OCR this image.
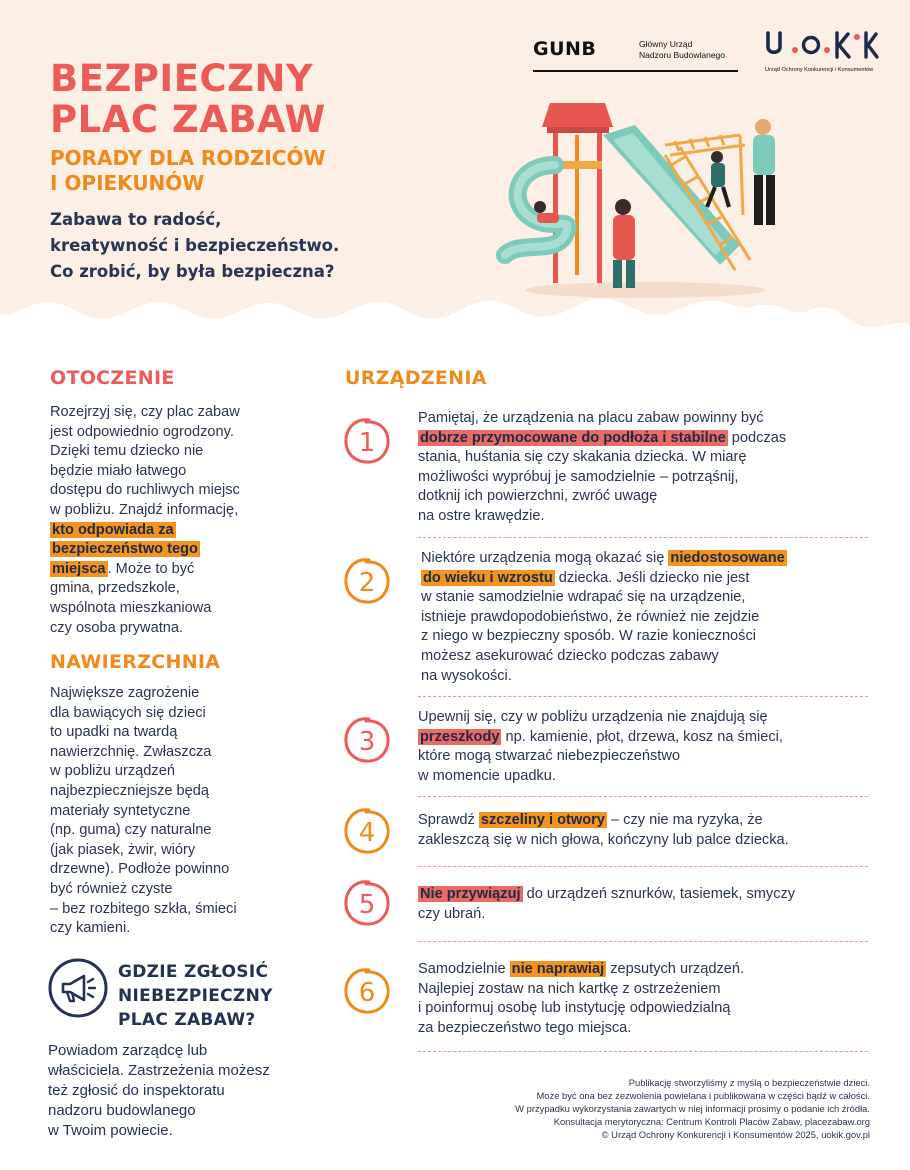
BEZPIECZNY
PLAC ZABAW
PORADY DLA RODZICÓW
I OPIEKUNÓW
Zabawa to radość,
kreatywność i bezpieczeństwo.
Co zrobić, by była bezpieczna?
GUNB	Główny Urząd
Nadzoru Budowlanego
Urząd Ochrony Konkurencji i Konsumentów
OTOCZENIE
Rozejrzyj się, czy plac zabaw
jest odpowiednio ogrodzony.
Dzięki temu dziecko nie
będzie miało łatwego
dostępu do ruchliwych miejsc
w pobliżu. Znajdź informację,
kto odpowiada za
bezpieczeństwo tego
miejsca . Może to być
gmina, przedszkole,
wspólnota mieszkaniowa
czy osoba prywatna.
NAWIERZCHNIA
Największe zagrożenie
dla bawiących się dzieci
to upadki na twardą
nawierzchnię. Zwłaszcza
w pobliżu urządzeń
najbezpieczniejsze będą
materiały syntetyczne
(np. guma) czy naturalne
(jak piasek, żwir, wióry
drzewne). Podłoże powinno
być również czyste
– bez rozbitego szkła, śmieci
czy kamieni.
GDZIE ZGŁOSIĆ
NIEBEZPIECZNY
PLAC ZABAW?
Powiadom zarządcę lub
właściciela. Zastrzeżenia możesz
też zgłosić do inspektoratu
nadzoru budowlanego
w Twoim powiecie.
URZĄDZENIA
1
Pamiętaj, że urządzenia na placu zabaw powinny być
dobrze przymocowane do podłoża i stabilne podczas
stania, huśtania się czy skakania dziecka. W miarę
możliwości wypróbuj je samodzielnie – potrząśnij,
dotknij ich powierzchni, zwróć uwagę
na ostre krawędzie.
2
Niektóre urządzenia mogą okazać się niedostosowane
do wieku i wzrostu dziecka. Jeśli dziecko nie jest
w stanie samodzielnie wdrapać się na urządzenie,
istnieje prawdopodobieństwo, że również nie zejdzie
z niego w bezpieczny sposób. W razie konieczności
możesz asekurować dziecko podczas zabawy
na wysokości.
3
Upewnij się, czy w pobliżu urządzenia nie znajdują się
przeszkody np. kamienie, płot, drzewa, kosz na śmieci,
które mogą stwarzać niebezpieczeństwo
w momencie upadku.
4	Sprawdź szczeliny i otwory – czy nie ma ryzyka, że
zakleszczą się w nich głowa, kończyny lub palce dziecka.
5	Nie przywiązuj do urządzeń sznurków, tasiemek, smyczy
czy ubrań.
6
Samodzielnie nie naprawiaj zepsutych urządzeń.
Najlepiej zostaw na nich kartkę z ostrzeżeniem
i poinformuj osobę lub instytucję odpowiedzialną
za bezpieczeństwo tego miejsca.
Publikację stworzyliśmy z myślą o bezpieczeństwie dzieci.
Może być ona bez zezwolenia powielana i publikowana w części bądź w całości.
W przypadku wykorzystania zawartych w niej informacji prosimy o podanie ich źródła.
Konsultacja merytoryczna: Centrum Kontroli Placów Zabaw, placezabaw.org
© Urząd Ochrony Konkurencji i Konsumentów 2025, uokik.gov.pl
